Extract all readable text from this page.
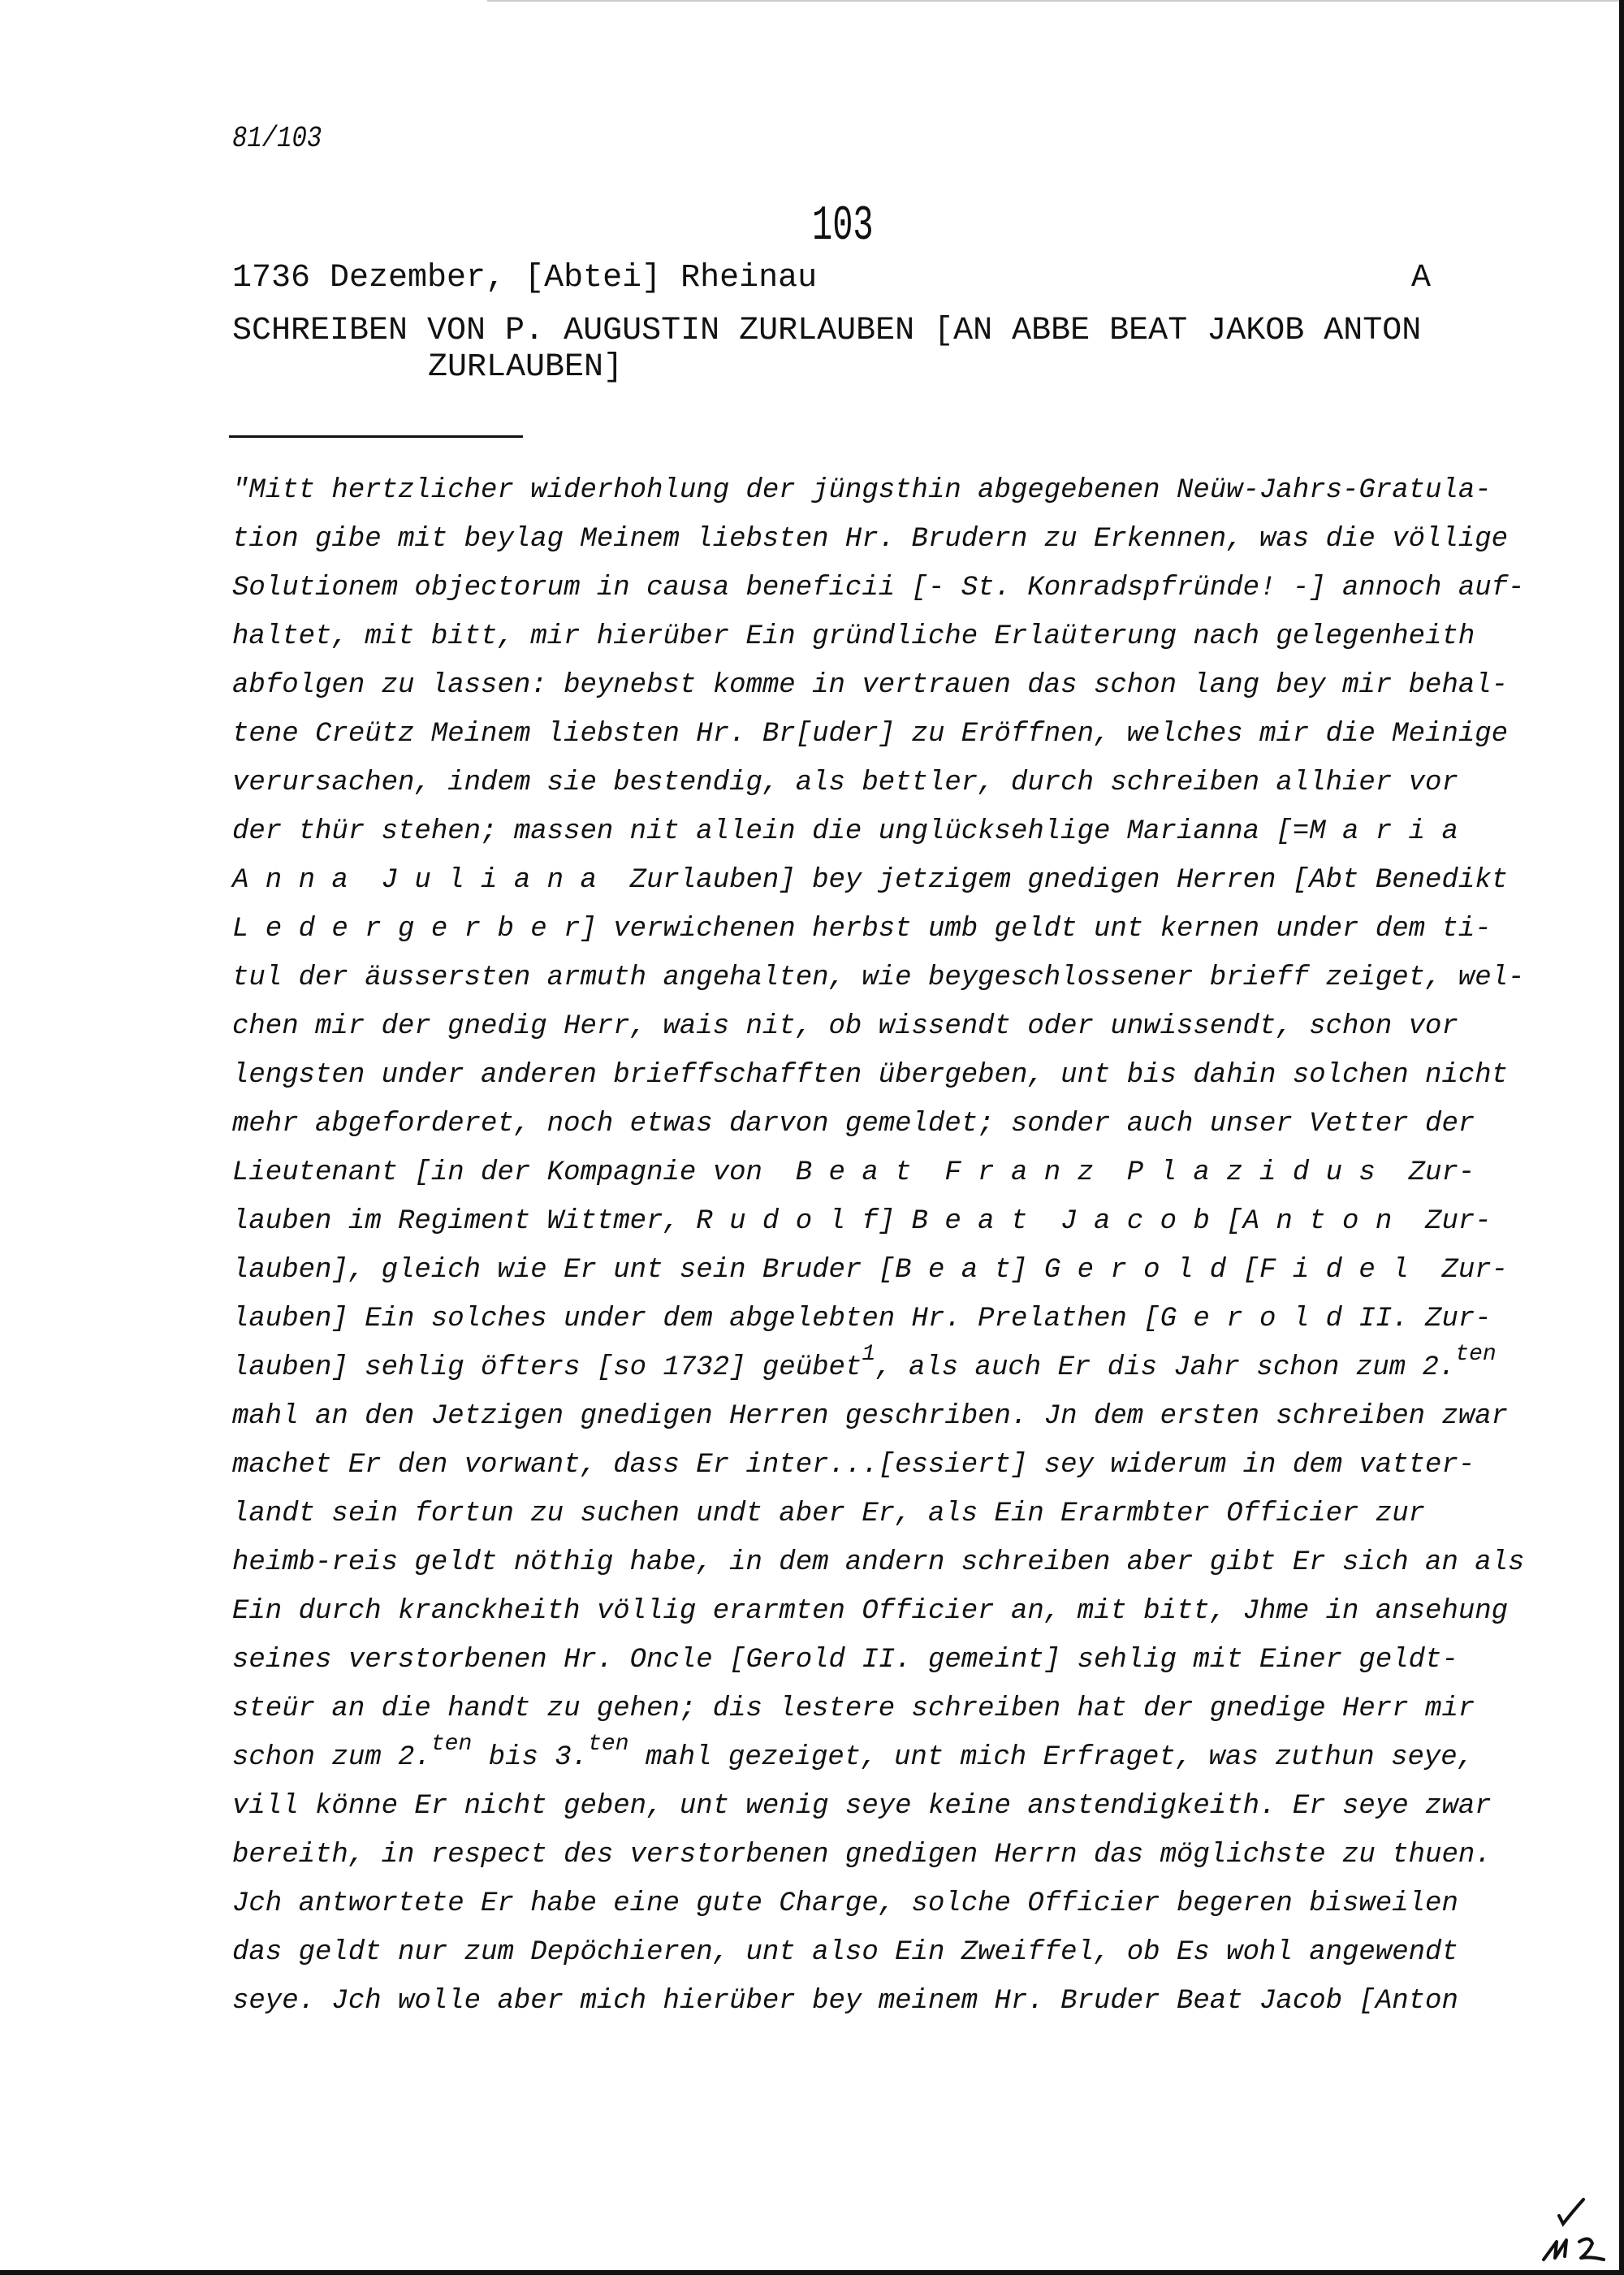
81/103
103
1736 Dezember, [Abtei] Rheinau	A
SCHREIBEN VON P. AUGUSTIN ZURLAUBEN [AN ABBE BEAT JAKOB ANTON
ZURLAUBEN]
"Mitt hertzlicher widerhohlung der jüngsthin abgegebenen Neüw-Jahrs-Gratula-
tion gibe mit beylag Meinem liebsten Hr. Brudern zu Erkennen, was die völlige
Solutionem objectorum in causa beneficii [- St. Konradspfründe! -] annoch auf-
haltet, mit bitt, mir hierüber Ein gründliche Erlaüterung nach gelegenheith
abfolgen zu lassen: beynebst komme in vertrauen das schon lang bey mir behal-
tene Creütz Meinem liebsten Hr. Br[uder] zu Eröffnen, welches mir die Meinige
verursachen, indem sie bestendig, als bettler, durch schreiben allhier vor
der thür stehen; massen nit allein die unglücksehlige Marianna [=M a r i a
A n n a  J u l i a n a  Zurlauben] bey jetzigem gnedigen Herren [Abt Benedikt
L e d e r g e r b e r] verwichenen herbst umb geldt unt kernen under dem ti-
tul der äussersten armuth angehalten, wie beygeschlossener brieff zeiget, wel-
chen mir der gnedig Herr, wais nit, ob wissendt oder unwissendt, schon vor
lengsten under anderen brieffschafften übergeben, unt bis dahin solchen nicht
mehr abgeforderet, noch etwas darvon gemeldet; sonder auch unser Vetter der
Lieutenant [in der Kompagnie von  B e a t  F r a n z  P l a z i d u s  Zur-
lauben im Regiment Wittmer, R u d o l f] B e a t  J a c o b [A n t o n  Zur-
lauben], gleich wie Er unt sein Bruder [B e a t] G e r o l d [F i d e l  Zur-
lauben] Ein solches under dem abgelebten Hr. Prelathen [G e r o l d II. Zur-
lauben] sehlig öfters [so 1732] geübet$^1$, als auch Er dis Jahr schon zum 2.$^{ten}$
mahl an den Jetzigen gnedigen Herren geschriben. Jn dem ersten schreiben zwar
machet Er den vorwant, dass Er inter...[essiert] sey widerum in dem vatter-
landt sein fortun zu suchen undt aber Er, als Ein Erarmbter Officier zur
heimb-reis geldt nöthig habe, in dem andern schreiben aber gibt Er sich an als
Ein durch kranckheith völlig erarmten Officier an, mit bitt, Jhme in ansehung
seines verstorbenen Hr. Oncle [Gerold II. gemeint] sehlig mit Einer geldt-
steür an die handt zu gehen; dis lestere schreiben hat der gnedige Herr mir
schon zum 2.$^{ten}$ bis 3.$^{ten}$ mahl gezeiget, unt mich Erfraget, was zuthun seye,
vill könne Er nicht geben, unt wenig seye keine anstendigkeith. Er seye zwar
bereith, in respect des verstorbenen gnedigen Herrn das möglichste zu thuen.
Jch antwortete Er habe eine gute Charge, solche Officier begeren bisweilen
das geldt nur zum Depöchieren, unt also Ein Zweiffel, ob Es wohl angewendt
seye. Jch wolle aber mich hierüber bey meinem Hr. Bruder Beat Jacob [Anton
